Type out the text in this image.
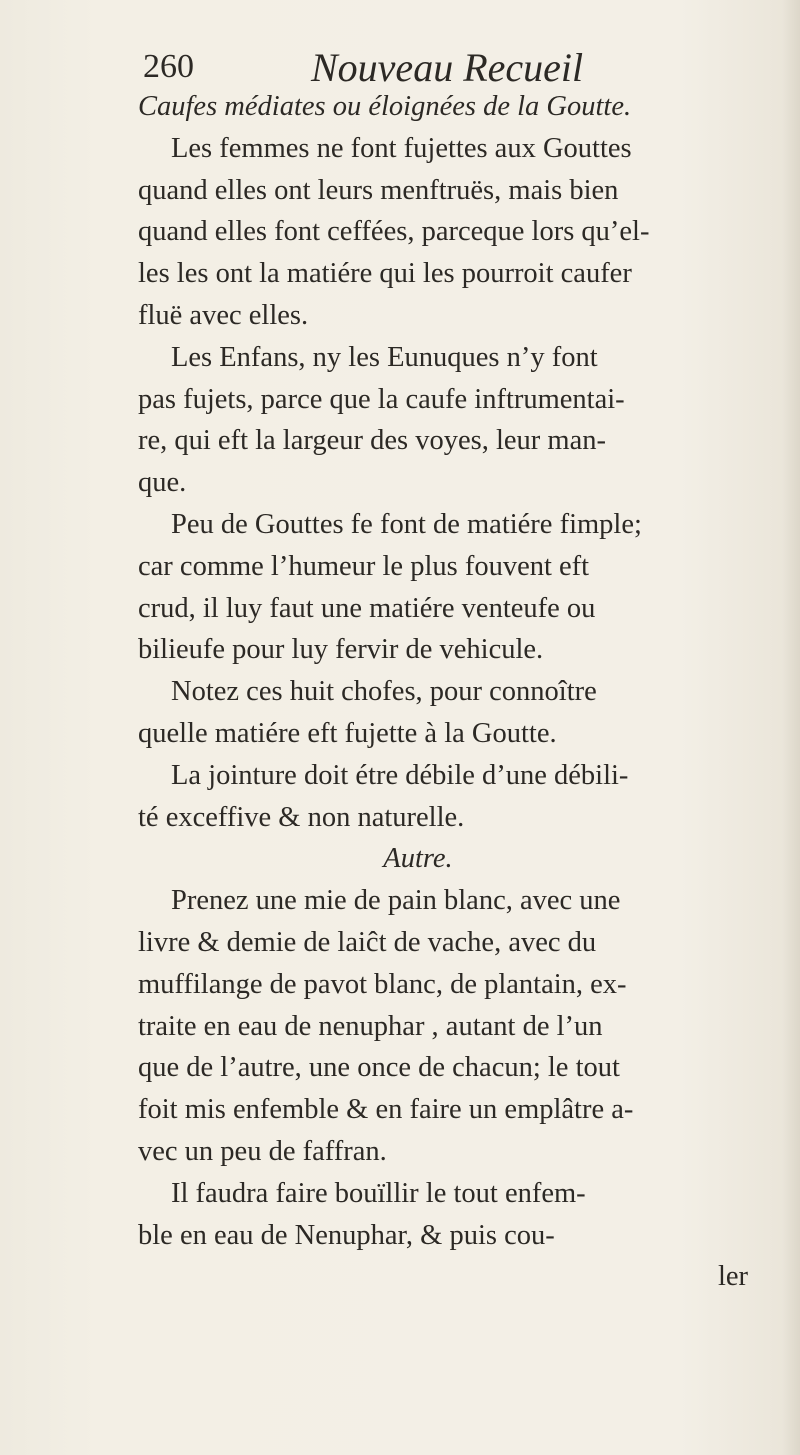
260	Nouveau Recueil
Caufes médiates ou éloignées de la Goutte.
Les femmes ne font fujettes aux Gouttes
quand elles ont leurs menftruës, mais bien
quand elles font ceffées, parceque lors qu’el-
les les ont la matiére qui les pourroit caufer
fluë avec elles.
Les Enfans, ny les Eunuques n’y font
pas fujets, parce que la caufe inftrumentai-
re, qui eft la largeur des voyes, leur man-
que.
Peu de Gouttes fe font de matiére fimple;
car comme l’humeur le plus fouvent eft
crud, il luy faut une matiére venteufe ou
bilieufe pour luy fervir de vehicule.
Notez ces huit chofes, pour connoître
quelle matiére eft fujette à la Goutte.
La jointure doit étre débile d’une débili-
té exceffive & non naturelle.
Autre.
Prenez une mie de pain blanc, avec une
livre & demie de laiĉt de vache, avec du
muffilange de pavot blanc, de plantain, ex-
traite en eau de nenuphar , autant de l’un
que de l’autre, une once de chacun; le tout
foit mis enfemble & en faire un emplâtre a-
vec un peu de faffran.
Il faudra faire bouïllir le tout enfem-
ble en eau de Nenuphar, & puis cou-
ler
